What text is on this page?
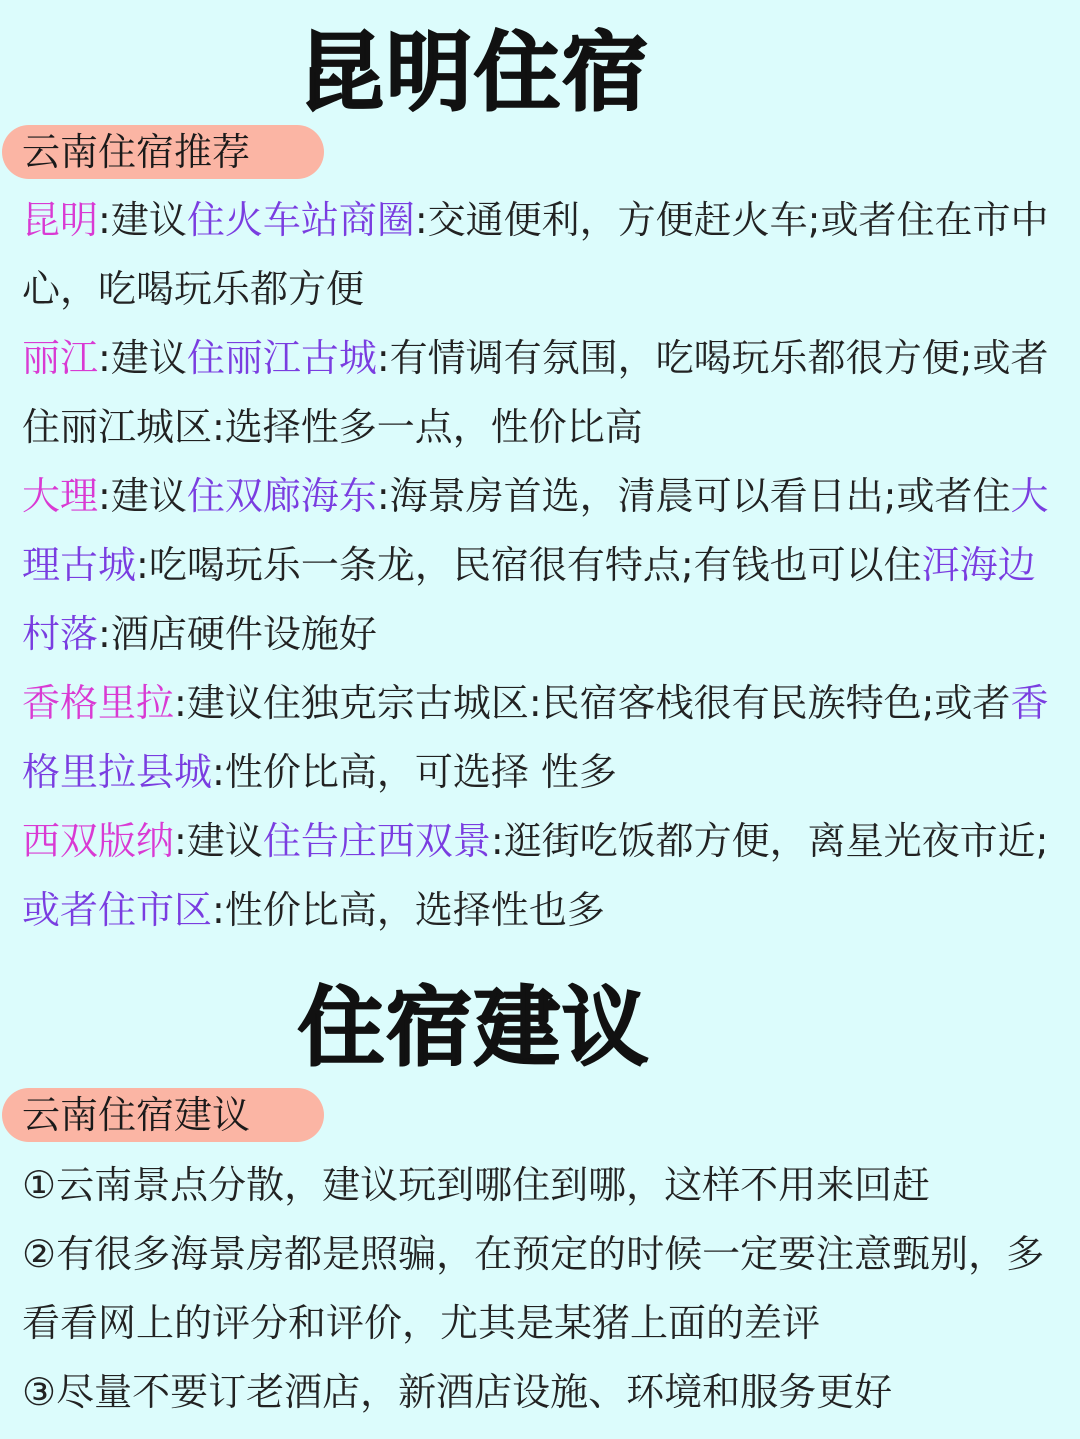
昆明住宿
云南住宿推荐

昆明:建议住火车站商圈:交通便利，方便赶火车;或者住在市中心，吃喝玩乐都方便

丽江:建议住丽江古城:有情调有氛围，吃喝玩乐都很方便;或者住丽江城区:选择性多一点，性价比高

大理:建议住双廊海东:海景房首选，清晨可以看日出;或者住大理古城:吃喝玩乐一条龙，民宿很有特点;有钱也可以住洱海边村落:酒店硬件设施好

香格里拉:建议住独克宗古城区:民宿客栈很有民族特色;或者香格里拉县城:性价比高，可选择 性多

西双版纳:建议住告庄西双景:逛街吃饭都方便，离星光夜市近;或者住市区:性价比高，选择性也多

住宿建议
云南住宿建议

①云南景点分散，建议玩到哪住到哪，这样不用来回赶

②有很多海景房都是照骗，在预定的时候一定要注意甄别，多看看网上的评分和评价，尤其是某猪上面的差评

③尽量不要订老酒店，新酒店设施、环境和服务更好
